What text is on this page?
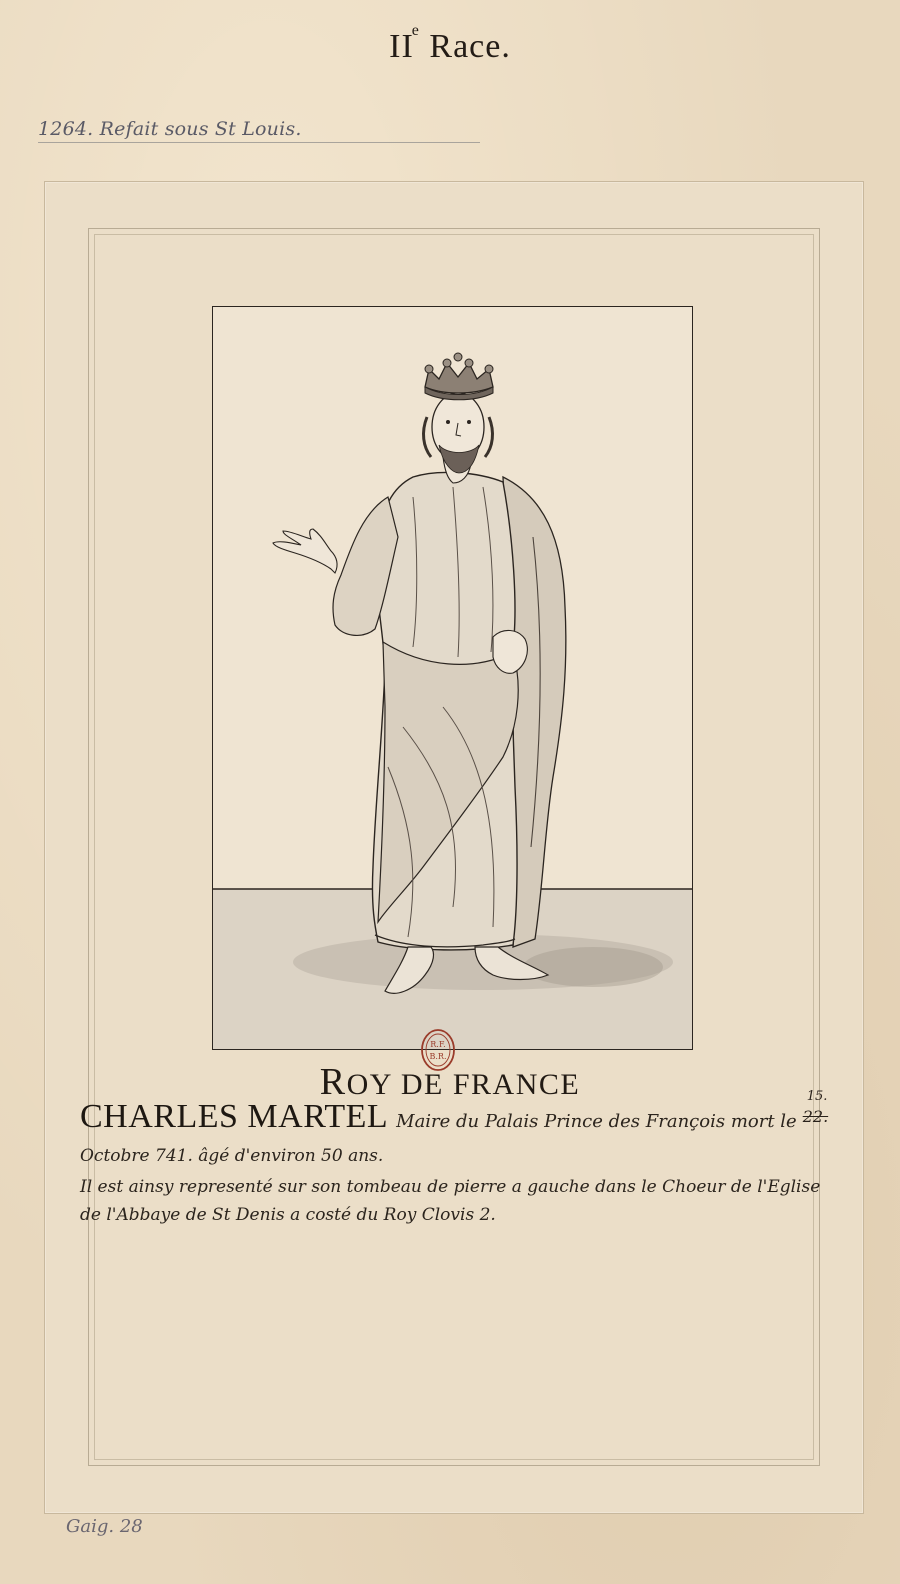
IIe Race.
1264. Refait sous St Louis.
R.F.
B.R.
ROY DE FRANCE
CHARLES MARTEL Maire du Palais Prince des François mort le
15.
22.
Octobre 741. âgé d'environ 50 ans.
Il est ainsy representé sur son tombeau de pierre a gauche dans le Choeur de l'Eglise
de l'Abbaye de St Denis a costé du Roy Clovis 2.
Gaig. 28
